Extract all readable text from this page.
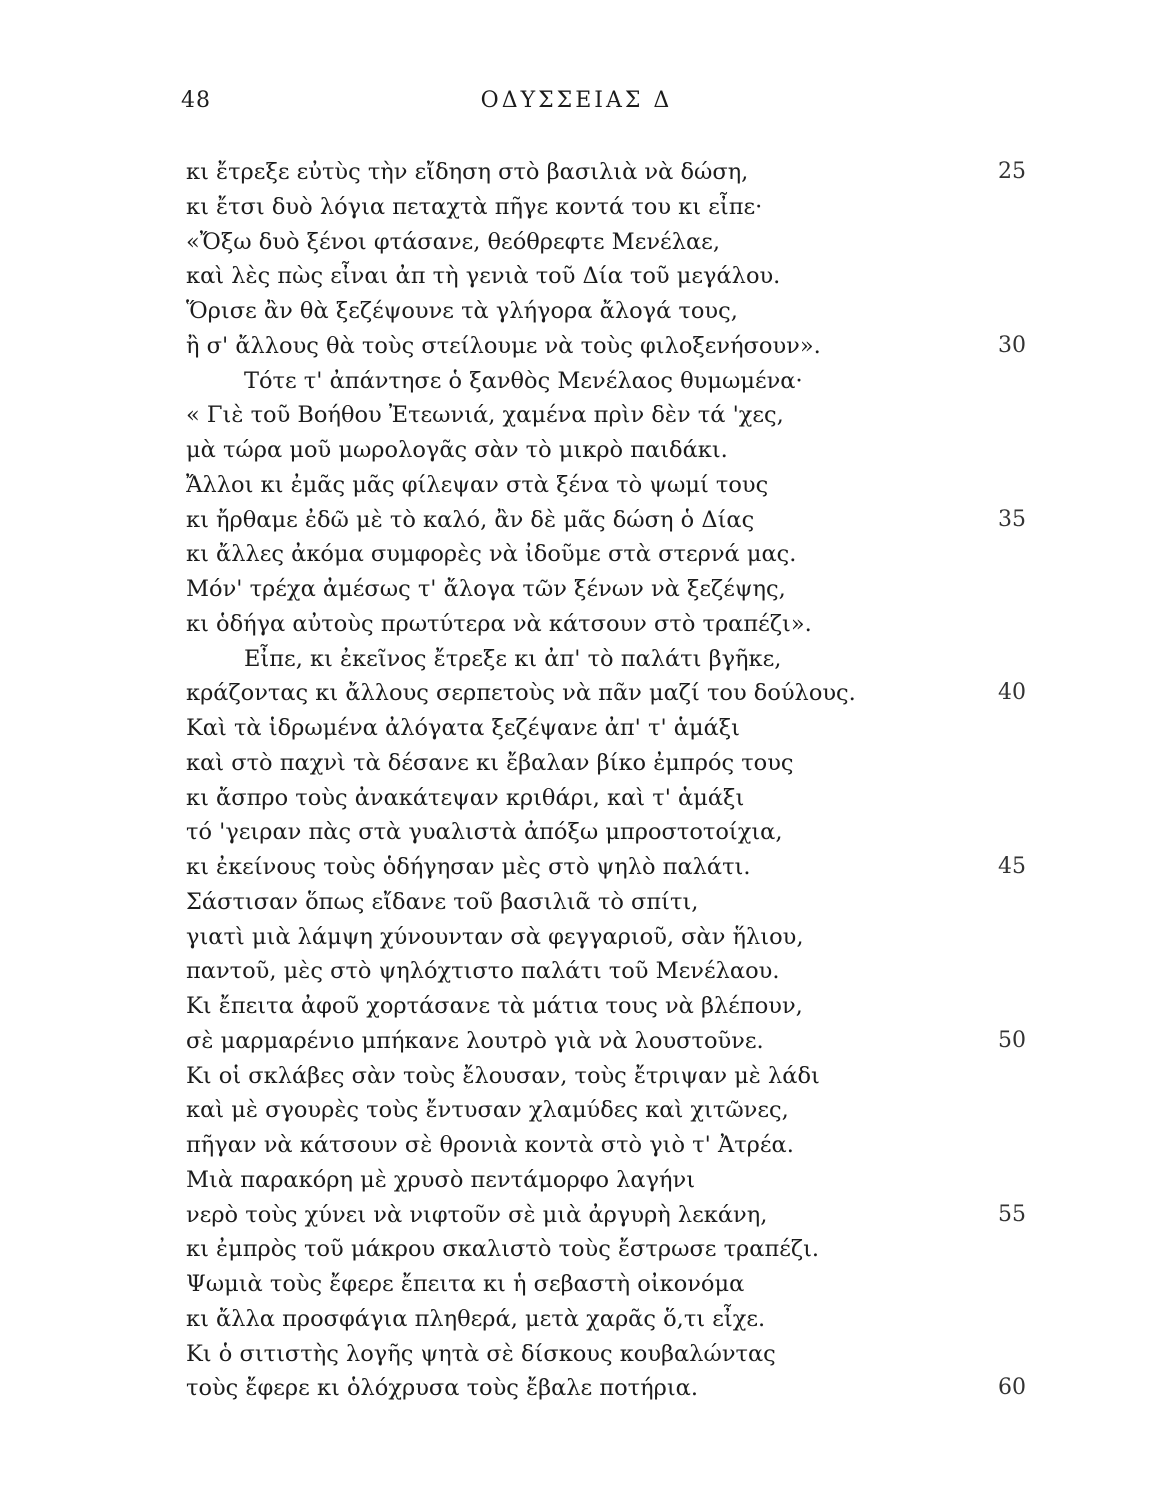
48	ΟΔΥΣΣΕΙΑΣ Δ
κι ἔτρεξε εὐτὺς τὴν εἴδηση στὸ βασιλιὰ νὰ δώση,	25
κι ἔτσι δυὸ λόγια πεταχτὰ πῆγε κοντά του κι εἶπε·
«Ὄξω δυὸ ξένοι φτάσανε, θεόθρεφτε Μενέλαε,
καὶ λὲς πὼς εἶναι ἀπ τὴ γενιὰ τοῦ Δία τοῦ μεγάλου.
Ὅρισε ἂν θὰ ξεζέψουνε τὰ γλήγορα ἄλογά τους,
ἢ σ' ἄλλους θὰ τοὺς στείλουμε νὰ τοὺς φιλοξενήσουν».	30
Τότε τ' ἀπάντησε ὁ ξανθὸς Μενέλαος θυμωμένα·
« Γιὲ τοῦ Βοήθου Ἐτεωνιά, χαμένα πρὶν δὲν τά 'χες,
μὰ τώρα μοῦ μωρολογᾶς σὰν τὸ μικρὸ παιδάκι.
Ἄλλοι κι ἐμᾶς μᾶς φίλεψαν στὰ ξένα τὸ ψωμί τους
κι ἤρθαμε ἐδῶ μὲ τὸ καλό, ἂν δὲ μᾶς δώση ὁ Δίας	35
κι ἄλλες ἀκόμα συμφορὲς νὰ ἰδοῦμε στὰ στερνά μας.
Μόν' τρέχα ἀμέσως τ' ἄλογα τῶν ξένων νὰ ξεζέψης,
κι ὁδήγα αὐτοὺς πρωτύτερα νὰ κάτσουν στὸ τραπέζι».
Εἶπε, κι ἐκεῖνος ἔτρεξε κι ἀπ' τὸ παλάτι βγῆκε,
κράζοντας κι ἄλλους σερπετοὺς νὰ πᾶν μαζί του δούλους.	40
Καὶ τὰ ἱδρωμένα ἀλόγατα ξεζέψανε ἀπ' τ' ἁμάξι
καὶ στὸ παχνὶ τὰ δέσανε κι ἔβαλαν βίκο ἐμπρός τους
κι ἄσπρο τοὺς ἀνακάτεψαν κριθάρι, καὶ τ' ἁμάξι
τό 'γειραν πὰς στὰ γυαλιστὰ ἀπόξω μπροστοτοίχια,
κι ἐκείνους τοὺς ὁδήγησαν μὲς στὸ ψηλὸ παλάτι.	45
Σάστισαν ὅπως εἴδανε τοῦ βασιλιᾶ τὸ σπίτι,
γιατὶ μιὰ λάμψη χύνουνταν σὰ φεγγαριοῦ, σὰν ἥλιου,
παντοῦ, μὲς στὸ ψηλόχτιστο παλάτι τοῦ Μενέλαου.
Κι ἔπειτα ἀφοῦ χορτάσανε τὰ μάτια τους νὰ βλέπουν,
σὲ μαρμαρένιο μπήκανε λουτρὸ γιὰ νὰ λουστοῦνε.	50
Κι οἱ σκλάβες σὰν τοὺς ἔλουσαν, τοὺς ἔτριψαν μὲ λάδι
καὶ μὲ σγουρὲς τοὺς ἔντυσαν χλαμύδες καὶ χιτῶνες,
πῆγαν νὰ κάτσουν σὲ θρονιὰ κοντὰ στὸ γιὸ τ' Ἀτρέα.
Μιὰ παρακόρη μὲ χρυσὸ πεντάμορφο λαγήνι
νερὸ τοὺς χύνει νὰ νιφτοῦν σὲ μιὰ ἀργυρὴ λεκάνη,	55
κι ἐμπρὸς τοῦ μάκρου σκαλιστὸ τοὺς ἔστρωσε τραπέζι.
Ψωμιὰ τοὺς ἔφερε ἔπειτα κι ἡ σεβαστὴ οἰκονόμα
κι ἄλλα προσφάγια πληθερά, μετὰ χαρᾶς ὅ,τι εἶχε.
Κι ὁ σιτιστὴς λογῆς ψητὰ σὲ δίσκους κουβαλώντας
τοὺς ἔφερε κι ὁλόχρυσα τοὺς ἔβαλε ποτήρια.	60
